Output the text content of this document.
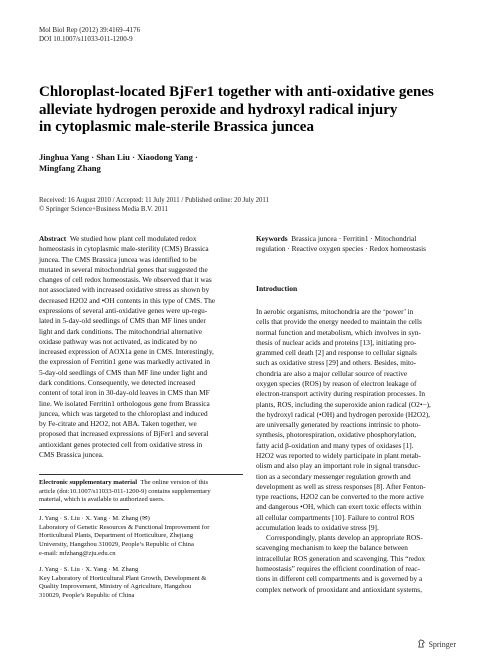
Mol Biol Rep (2012) 39:4169–4176
DOI 10.1007/s11033-011-1200-9
Chloroplast-located BjFer1 together with anti-oxidative genes
alleviate hydrogen peroxide and hydroxyl radical injury
in cytoplasmic male-sterile Brassica juncea
Jinghua Yang · Shan Liu · Xiaodong Yang ·
Mingfang Zhang
Received: 16 August 2010 / Accepted: 11 July 2011 / Published online: 20 July 2011
© Springer Science+Business Media B.V. 2011
Abstract We studied how plant cell modulated redox
homeostasis in cytoplasmic male-sterility (CMS) Brassica
juncea. The CMS Brassica juncea was identified to be
mutated in several mitochondrial genes that suggested the
changes of cell redox homeostasis. We observed that it was
not associated with increased oxidative stress as shown by
decreased H2O2 and •OH contents in this type of CMS. The
expressions of several anti-oxidative genes were up-regu-
lated in 5-day-old seedlings of CMS than MF lines under
light and dark conditions. The mitochondrial alternative
oxidase pathway was not activated, as indicated by no
increased expression of AOX1a gene in CMS. Interestingly,
the expression of Ferritin1 gene was markedly activated in
5-day-old seedlings of CMS than MF line under light and
dark conditions. Consequently, we detected increased
content of total iron in 30-day-old leaves in CMS than MF
line. We isolated Ferritin1 orthologous gene from Brassica
juncea, which was targeted to the chloroplast and induced
by Fe-citrate and H2O2, not ABA. Taken together, we
proposed that increased expressions of BjFer1 and several
antioxidant genes protected cell from oxidative stress in
CMS Brassica juncea.
Electronic supplementary material The online version of this
article (doi:10.1007/s11033-011-1200-9) contains supplementary
material, which is available to authorized users.
J. Yang · S. Liu · X. Yang · M. Zhang (✉)
Laboratory of Genetic Resources & Functional Improvement for
Horticultural Plants, Department of Horticulture, Zhejiang
University, Hangzhou 310029, People’s Republic of China
e-mail: mfzhang@zju.edu.cn
J. Yang · S. Liu · X. Yang · M. Zhang
Key Laboratory of Horticultural Plant Growth, Development &
Quality Improvement, Ministry of Agriculture, Hangzhou
310029, People’s Republic of China
Keywords Brassica juncea · Ferritin1 · Mitochondrial
regulation · Reactive oxygen species · Redox homeostasis
Introduction
In aerobic organisms, mitochondria are the ‘power’ in
cells that provide the energy needed to maintain the cells
normal function and metabolism, which involves in syn-
thesis of nuclear acids and proteins [13], initiating pro-
grammed cell death [2] and response to cellular signals
such as oxidative stress [29] and others. Besides, mito-
chondria are also a major cellular source of reactive
oxygen species (ROS) by reason of electron leakage of
electron-transport activity during respiration processes. In
plants, ROS, including the superoxide anion radical (O2•−),
the hydroxyl radical (•OH) and hydrogen peroxide (H2O2),
are universally generated by reactions intrinsic to photo-
synthesis, photorespiration, oxidative phosphorylation,
fatty acid β-oxidation and many types of oxidases [1].
H2O2 was reported to widely participate in plant metab-
olism and also play an important role in signal transduc-
tion as a secondary messenger regulation growth and
development as well as stress responses [8]. After Fenton-
type reactions, H2O2 can be converted to the more active
and dangerous •OH, which can exert toxic effects within
all cellular compartments [10]. Failure to control ROS
accumulation leads to oxidative stress [9].
Correspondingly, plants develop an appropriate ROS-
scavenging mechanism to keep the balance between
intracellular ROS generation and scavenging. This “redox
homeostasis” requires the efficient coordination of reac-
tions in different cell compartments and is governed by a
complex network of prooxidant and antioxidant systems,
Springer
